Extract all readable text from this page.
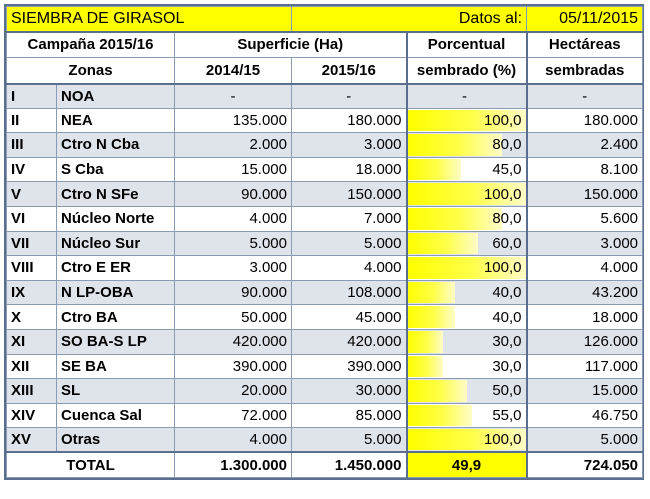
SIEMBRA DE GIRASOL			Datos al:		05/11/2015
Campaña 2015/16		Superficie (Ha)		Porcentual	Hectáreas
Zonas		2014/15	2015/16	sembrado (%)	sembradas
I	NOA	-	-	-	-
II	NEA	135.000	180.000	100,0	180.000
III	Ctro N Cba	2.000	3.000	80,0	2.400
IV	S Cba	15.000	18.000	45,0	8.100
V	Ctro N SFe	90.000	150.000	100,0	150.000
VI	Núcleo Norte	4.000	7.000	80,0	5.600
VII	Núcleo Sur	5.000	5.000	60,0	3.000
VIII	Ctro E ER	3.000	4.000	100,0	4.000
IX	N LP-OBA	90.000	108.000	40,0	43.200
X	Ctro BA	50.000	45.000	40,0	18.000
XI	SO BA-S LP	420.000	420.000	30,0	126.000
XII	SE BA	390.000	390.000	30,0	117.000
XIII	SL	20.000	30.000	50,0	15.000
XIV	Cuenca Sal	72.000	85.000	55,0	46.750
XV	Otras	4.000	5.000	100,0	5.000
TOTAL		1.300.000	1.450.000	49,9	724.050
